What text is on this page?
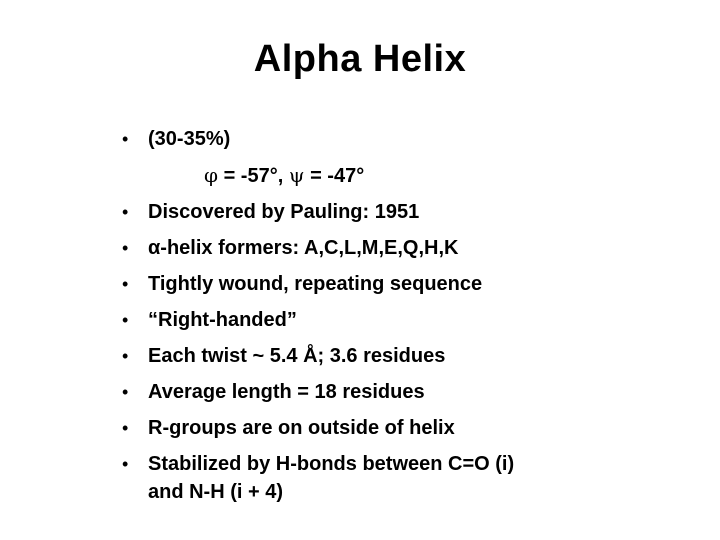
Alpha Helix
• (30-35%)
φ = -57°, ψ = -47°
• Discovered by Pauling: 1951
• α-helix formers: A,C,L,M,E,Q,H,K
• Tightly wound, repeating sequence
• “Right-handed”
• Each twist ~ 5.4 Å; 3.6 residues
• Average length = 18 residues
• R-groups are on outside of helix
• Stabilized by H-bonds between C=O (i)
and N-H (i + 4)
